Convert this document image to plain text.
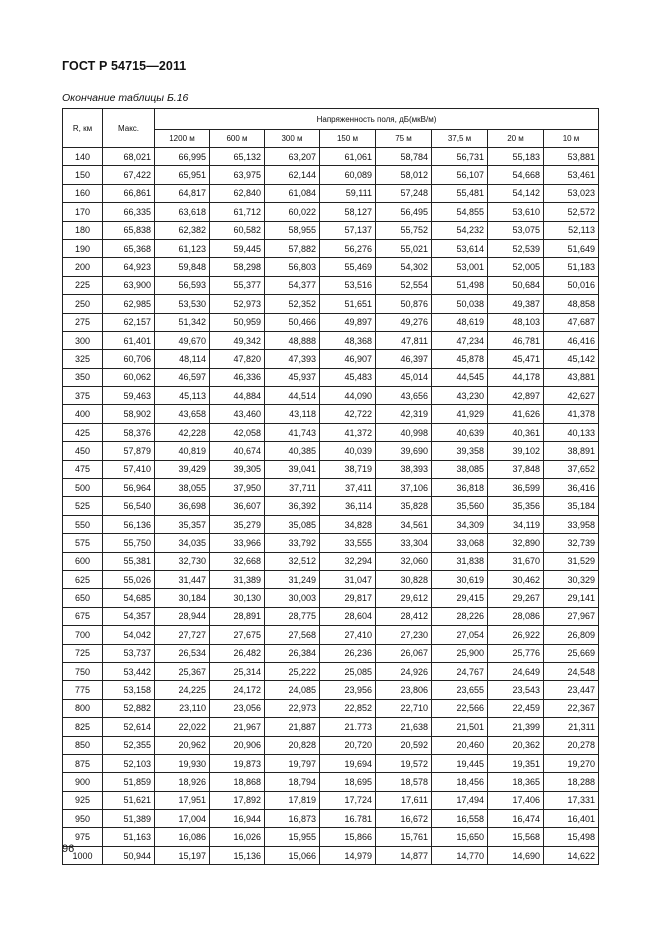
ГОСТ Р 54715—2011
Окончание таблицы Б.16
R, км	Макс.	Напряженность поля, дБ(мкВ/м)							
		1200 м	600 м	300 м	150 м	75 м	37,5 м	20 м	10 м
140	68,021	66,995	65,132	63,207	61,061	58,784	56,731	55,183	53,881
150	67,422	65,951	63,975	62,144	60,089	58,012	56,107	54,668	53,461
160	66,861	64,817	62,840	61,084	59,111	57,248	55,481	54,142	53,023
170	66,335	63,618	61,712	60,022	58,127	56,495	54,855	53,610	52,572
180	65,838	62,382	60,582	58,955	57,137	55,752	54,232	53,075	52,113
190	65,368	61,123	59,445	57,882	56,276	55,021	53,614	52,539	51,649
200	64,923	59,848	58,298	56,803	55,469	54,302	53,001	52,005	51,183
225	63,900	56,593	55,377	54,377	53,516	52,554	51,498	50,684	50,016
250	62,985	53,530	52,973	52,352	51,651	50,876	50,038	49,387	48,858
275	62,157	51,342	50,959	50,466	49,897	49,276	48,619	48,103	47,687
300	61,401	49,670	49,342	48,888	48,368	47,811	47,234	46,781	46,416
325	60,706	48,114	47,820	47,393	46,907	46,397	45,878	45,471	45,142
350	60,062	46,597	46,336	45,937	45,483	45,014	44,545	44,178	43,881
375	59,463	45,113	44,884	44,514	44,090	43,656	43,230	42,897	42,627
400	58,902	43,658	43,460	43,118	42,722	42,319	41,929	41,626	41,378
425	58,376	42,228	42,058	41,743	41,372	40,998	40,639	40,361	40,133
450	57,879	40,819	40,674	40,385	40,039	39,690	39,358	39,102	38,891
475	57,410	39,429	39,305	39,041	38,719	38,393	38,085	37,848	37,652
500	56,964	38,055	37,950	37,711	37,411	37,106	36,818	36,599	36,416
525	56,540	36,698	36,607	36,392	36,114	35,828	35,560	35,356	35,184
550	56,136	35,357	35,279	35,085	34,828	34,561	34,309	34,119	33,958
575	55,750	34,035	33,966	33,792	33,555	33,304	33,068	32,890	32,739
600	55,381	32,730	32,668	32,512	32,294	32,060	31,838	31,670	31,529
625	55,026	31,447	31,389	31,249	31,047	30,828	30,619	30,462	30,329
650	54,685	30,184	30,130	30,003	29,817	29,612	29,415	29,267	29,141
675	54,357	28,944	28,891	28,775	28,604	28,412	28,226	28,086	27,967
700	54,042	27,727	27,675	27,568	27,410	27,230	27,054	26,922	26,809
725	53,737	26,534	26,482	26,384	26,236	26,067	25,900	25,776	25,669
750	53,442	25,367	25,314	25,222	25,085	24,926	24,767	24,649	24,548
775	53,158	24,225	24,172	24,085	23,956	23,806	23,655	23,543	23,447
800	52,882	23,110	23,056	22,973	22,852	22,710	22,566	22,459	22,367
825	52,614	22,022	21,967	21,887	21.773	21,638	21,501	21,399	21,311
850	52,355	20,962	20,906	20,828	20,720	20,592	20,460	20,362	20,278
875	52,103	19,930	19,873	19,797	19,694	19,572	19,445	19,351	19,270
900	51,859	18,926	18,868	18,794	18,695	18,578	18,456	18,365	18,288
925	51,621	17,951	17,892	17,819	17,724	17,611	17,494	17,406	17,331
950	51,389	17,004	16,944	16,873	16.781	16,672	16,558	16,474	16,401
975	51,163	16,086	16,026	15,955	15,866	15,761	15,650	15,568	15,498
1000	50,944	15,197	15,136	15,066	14,979	14,877	14,770	14,690	14,622
96
